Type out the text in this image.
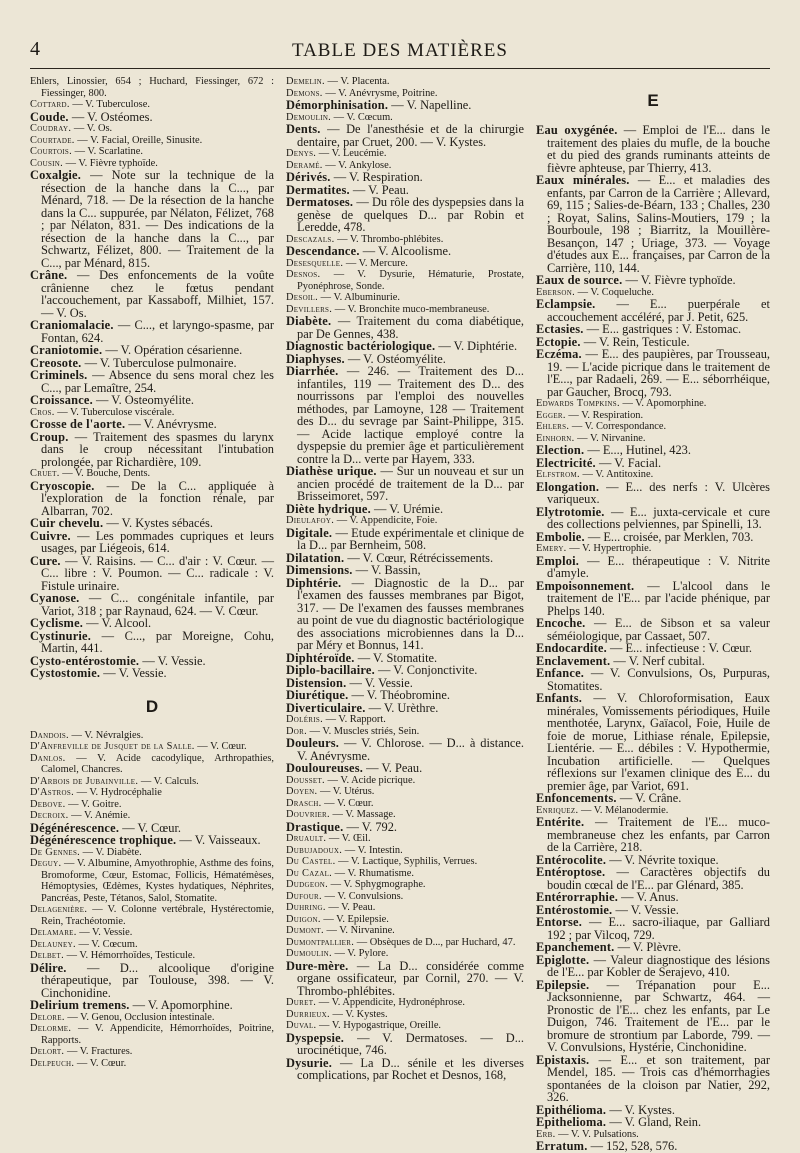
4	TABLE DES MATIÈRES
Ehlers, Linossier, 654 ; Huchard, Fiessinger, 672 : Fiessinger, 800.
Cottard. — V. Tuberculose.
Coude. — V. Ostéomes.
Coudray. — V. Os.
Courtade. — V. Facial, Oreille, Sinusite.
Courtois. — V. Scarlatine.
Cousin. — V. Fièvre typhoïde.
Coxalgie. — Note sur la technique de la résection de la hanche dans la C..., par Ménard, 718. — De la résection de la hanche dans la C... suppurée, par Nélaton, Félizet, 768 ; par Nélaton, 831. — Des indications de la résection de la hanche dans la C..., par Schwartz, Félizet, 800. — Traitement de la C..., par Ménard, 815.
Crâne. — Des enfoncements de la voûte crânienne chez le fœtus pendant l'accouchement, par Kassaboff, Milhiet, 157. — V. Os.
Craniomalacie. — C..., et laryngo-spasme, par Fontan, 624.
Craniotomie. — V. Opération césarienne.
Creosote. — V. Tuberculose pulmonaire.
Criminels. — Absence du sens moral chez les C..., par Lemaître, 254.
Croissance. — V. Osteomyélite.
Cros. — V. Tuberculose viscérale.
Crosse de l'aorte. — V. Anévrysme.
Croup. — Traitement des spasmes du larynx dans le croup nécessitant l'intubation prolongée, par Richardière, 109.
Cruet. — V. Bouche, Dents.
Cryoscopie. — De la C... appliquée à l'exploration de la fonction rénale, par Albarran, 702.
Cuir chevelu. — V. Kystes sébacés.
Cuivre. — Les pommades cupriques et leurs usages, par Liégeois, 614.
Cure. — V. Raisins. — C... d'air : V. Cœur. — C... libre : V. Poumon. — C... radicale : V. Fistule urinaire.
Cyanose. — C... congénitale infantile, par Variot, 318 ; par Raynaud, 624. — V. Cœur.
Cyclisme. — V. Alcool.
Cystinurie. — C..., par Moreigne, Cohu, Martin, 441.
Cysto-entérostomie. — V. Vessie.
Cystostomie. — V. Vessie.
D
Dandois. — V. Névralgies.
D'Anfreville de Jusquet de la Salle. — V. Cœur.
Danlos. — V. Acide cacodylique, Arthropathies, Calomel, Chancres.
D'Arbois de Jubainville. — V. Calculs.
D'Astros. — V. Hydrocéphalie
Debove. — V. Goitre.
Decroix. — V. Anémie.
Dégénérescence. — V. Cœur.
Dégénérescence trophique. — V. Vaisseaux.
De Gennes. — V. Diabète.
Deguy. — V. Albumine, Amyothrophie, Asthme des foins, Bromoforme, Cœur, Estomac, Follicis, Hématémèses, Hémoptysies, Œdèmes, Kystes hydatiques, Néphrites, Pancréas, Peste, Tétanos, Salol, Stomatite.
Delagenière. — V. Colonne vertébrale, Hystérectomie, Rein, Trachéotomie.
Delamare. — V. Vessie.
Delauney. — V. Cœcum.
Delbet. — V. Hémorrhoïdes, Testicule.
Délire. — D... alcoolique d'origine thérapeutique, par Toulouse, 398. — V. Cinchonidine.
Delirium tremens. — V. Apomorphine.
Delore. — V. Genou, Occlusion intestinale.
Delorme. — V. Appendicite, Hémorrhoïdes, Poitrine, Rapports.
Delort. — V. Fractures.
Delpeuch. — V. Cœur.
Demelin. — V. Placenta.
Demons. — V. Anévrysme, Poitrine.
Démorphinisation. — V. Napelline.
Demoulin. — V. Cœcum.
Dents. — De l'anesthésie et de la chirurgie dentaire, par Cruet, 200. — V. Kystes.
Denys. — V. Leucémie.
Deramé. — V. Ankylose.
Dérivés. — V. Respiration.
Dermatites. — V. Peau.
Dermatoses. — Du rôle des dyspepsies dans la genèse de quelques D... par Robin et Leredde, 478.
Descazals. — V. Thrombo-phlébites.
Descendance. — V. Alcoolisme.
Desesquelle. — V. Mercure.
Desnos. — V. Dysurie, Hématurie, Prostate, Pyonéphrose, Sonde.
Desoil. — V. Albuminurie.
Devillers. — V. Bronchite muco-membraneuse.
Diabète. — Traitement du coma diabétique, par De Gennes, 438.
Diagnostic bactériologique. — V. Diphtérie.
Diaphyses. — V. Ostéomyélite.
Diarrhée. — 246. — Traitement des D... infantiles, 119 — Traitement des D... des nourrissons par l'emploi des nouvelles méthodes, par Lamoyne, 128 — Traitement des D... du sevrage par Saint-Philippe, 315. — Acide lactique employé contre la dyspepsie du premier âge et particulièrement contre la D... verte par Hayem, 333.
Diathèse urique. — Sur un nouveau et sur un ancien procédé de traitement de la D... par Brisseimoret, 597.
Diète hydrique. — V. Urémie.
Dieulafoy. — V. Appendicite, Foie.
Digitale. — Etude expérimentale et clinique de la D... par Bernheim, 508.
Dilatation. — V. Cœur, Rétrécissements.
Dimensions. — V. Bassin,
Diphtérie. — Diagnostic de la D... par l'examen des fausses membranes par Bigot, 317. — De l'examen des fausses membranes au point de vue du diagnostic bactériologique des associations microbiennes dans la D... par Méry et Bonnus, 141.
Diphtéroïde. — V. Stomatite.
Diplo-bacillaire. — V. Conjonctivite.
Distension. — V. Vessie.
Diurétique. — V. Théobromine.
Diverticulaire. — V. Urèthre.
Doléris. — V. Rapport.
Dor. — V. Muscles striés, Sein.
Douleurs. — V. Chlorose. — D... à distance. V. Anévrysme.
Douloureuses. — V. Peau.
Dousset. — V. Acide picrique.
Doyen. — V. Utérus.
Drasch. — V. Cœur.
Douvrier. — V. Massage.
Drastique. — V. 792.
Druault. — V. Œil.
Dubujadoux. — V. Intestin.
Du Castel. — V. Lactique, Syphilis, Verrues.
Du Cazal. — V. Rhumatisme.
Dudgeon. — V. Sphygmographe.
Dufour. — V. Convulsions.
Duhring. — V. Peau.
Duigon. — V. Epilepsie.
Dumont. — V. Nirvanine.
Dumontpallier. — Obsèques de D..., par Huchard, 47.
Dumoulin. — V. Pylore.
Dure-mère. — La D... considérée comme organe ossificateur, par Cornil, 270. — V. Thrombo-phlébites.
Duret. — V. Appendicite, Hydronéphrose.
Durrieux. — V. Kystes.
Duval. — V. Hypogastrique, Oreille.
Dyspepsie. — V. Dermatoses. — D... urocinétique, 746.
Dysurie. — La D... sénile et les diverses complications, par Rochet et Desnos, 168,
E
Eau oxygénée. — Emploi de l'E... dans le traitement des plaies du mufle, de la bouche et du pied des grands ruminants atteints de fièvre aphteuse, par Thierry, 413.
Eaux minérales. — E... et maladies des enfants, par Carron de la Carrière ; Allevard, 69, 115 ; Salies-de-Béarn, 133 ; Challes, 230 ; Royat, Salins, Salins-Moutiers, 179 ; la Bourboule, 198 ; Biarritz, la Mouillère-Besançon, 147 ; Uriage, 373. — Voyage d'études aux E... françaises, par Carron de la Carrière, 110, 144.
Eaux de source. — V. Fièvre typhoïde.
Eberson. — V. Coqueluche.
Eclampsie. — E... puerpérale et accouchement accéléré, par J. Petit, 625.
Ectasies. — E... gastriques : V. Estomac.
Ectopie. — V. Rein, Testicule.
Eczéma. — E... des paupières, par Trousseau, 19. — L'acide picrique dans le traitement de l'E..., par Radaeli, 269. — E... séborrhéique, par Gaucher, Brocq, 793.
Edwards Tompkins. — V. Apomorphine.
Egger. — V. Respiration.
Ehlers. — V. Correspondance.
Einhorn. — V. Nirvanine.
Election. — E..., Hutinel, 423.
Electricité. — V. Facial.
Elfstrom. — V. Antitoxine.
Elongation. — E... des nerfs : V. Ulcères variqueux.
Elytrotomie. — E... juxta-cervicale et cure des collections pelviennes, par Spinelli, 13.
Embolie. — E... croisée, par Merklen, 703.
Emery. — V. Hypertrophie.
Emploi. — E... thérapeutique : V. Nitrite d'amyle.
Empoisonnement. — L'alcool dans le traitement de l'E... par l'acide phénique, par Phelps 140.
Encoche. — E... de Sibson et sa valeur séméiologique, par Cassaet, 507.
Endocardite. — E... infectieuse : V. Cœur.
Enclavement. — V. Nerf cubital.
Enfance. — V. Convulsions, Os, Purpuras, Stomatites.
Enfants. — V. Chloroformisation, Eaux minérales, Vomissements périodiques, Huile menthotée, Larynx, Gaïacol, Foie, Huile de foie de morue, Lithiase rénale, Epilepsie, Lientérie. — E... débiles : V. Hypothermie, Incubation artificielle. — Quelques réflexions sur l'examen clinique des E... du premier âge, par Variot, 691.
Enfoncements. — V. Crâne.
Enriquez. — V. Mélanodermie.
Entérite. — Traitement de l'E... muco-membraneuse chez les enfants, par Carron de la Carrière, 218.
Entérocolite. — V. Névrite toxique.
Entéroptose. — Caractères objectifs du boudin cœcal de l'E... par Glénard, 385.
Entérorraphie. — V. Anus.
Entérostomie. — V. Vessie.
Entorse. — E... sacro-iliaque, par Galliard 192 ; par Vilcoq, 729.
Epanchement. — V. Plèvre.
Epiglotte. — Valeur diagnostique des lésions de l'E... par Kobler de Serajevo, 410.
Epilepsie. — Trépanation pour E... Jacksonnienne, par Schwartz, 464. — Pronostic de l'E... chez les enfants, par Le Duigon, 746. Traitement de l'E... par le bromure de strontium par Laborde, 799. — V. Convulsions, Hystérie, Cinchonidine.
Epistaxis. — E... et son traitement, par Mendel, 185. — Trois cas d'hémorrhagies spontanées de la cloison par Natier, 292, 326.
Epithélioma. — V. Kystes.
Epithelioma. — V. Gland, Rein.
Erb. — V. V. Pulsations.
Erratum. — 152, 528, 576.
